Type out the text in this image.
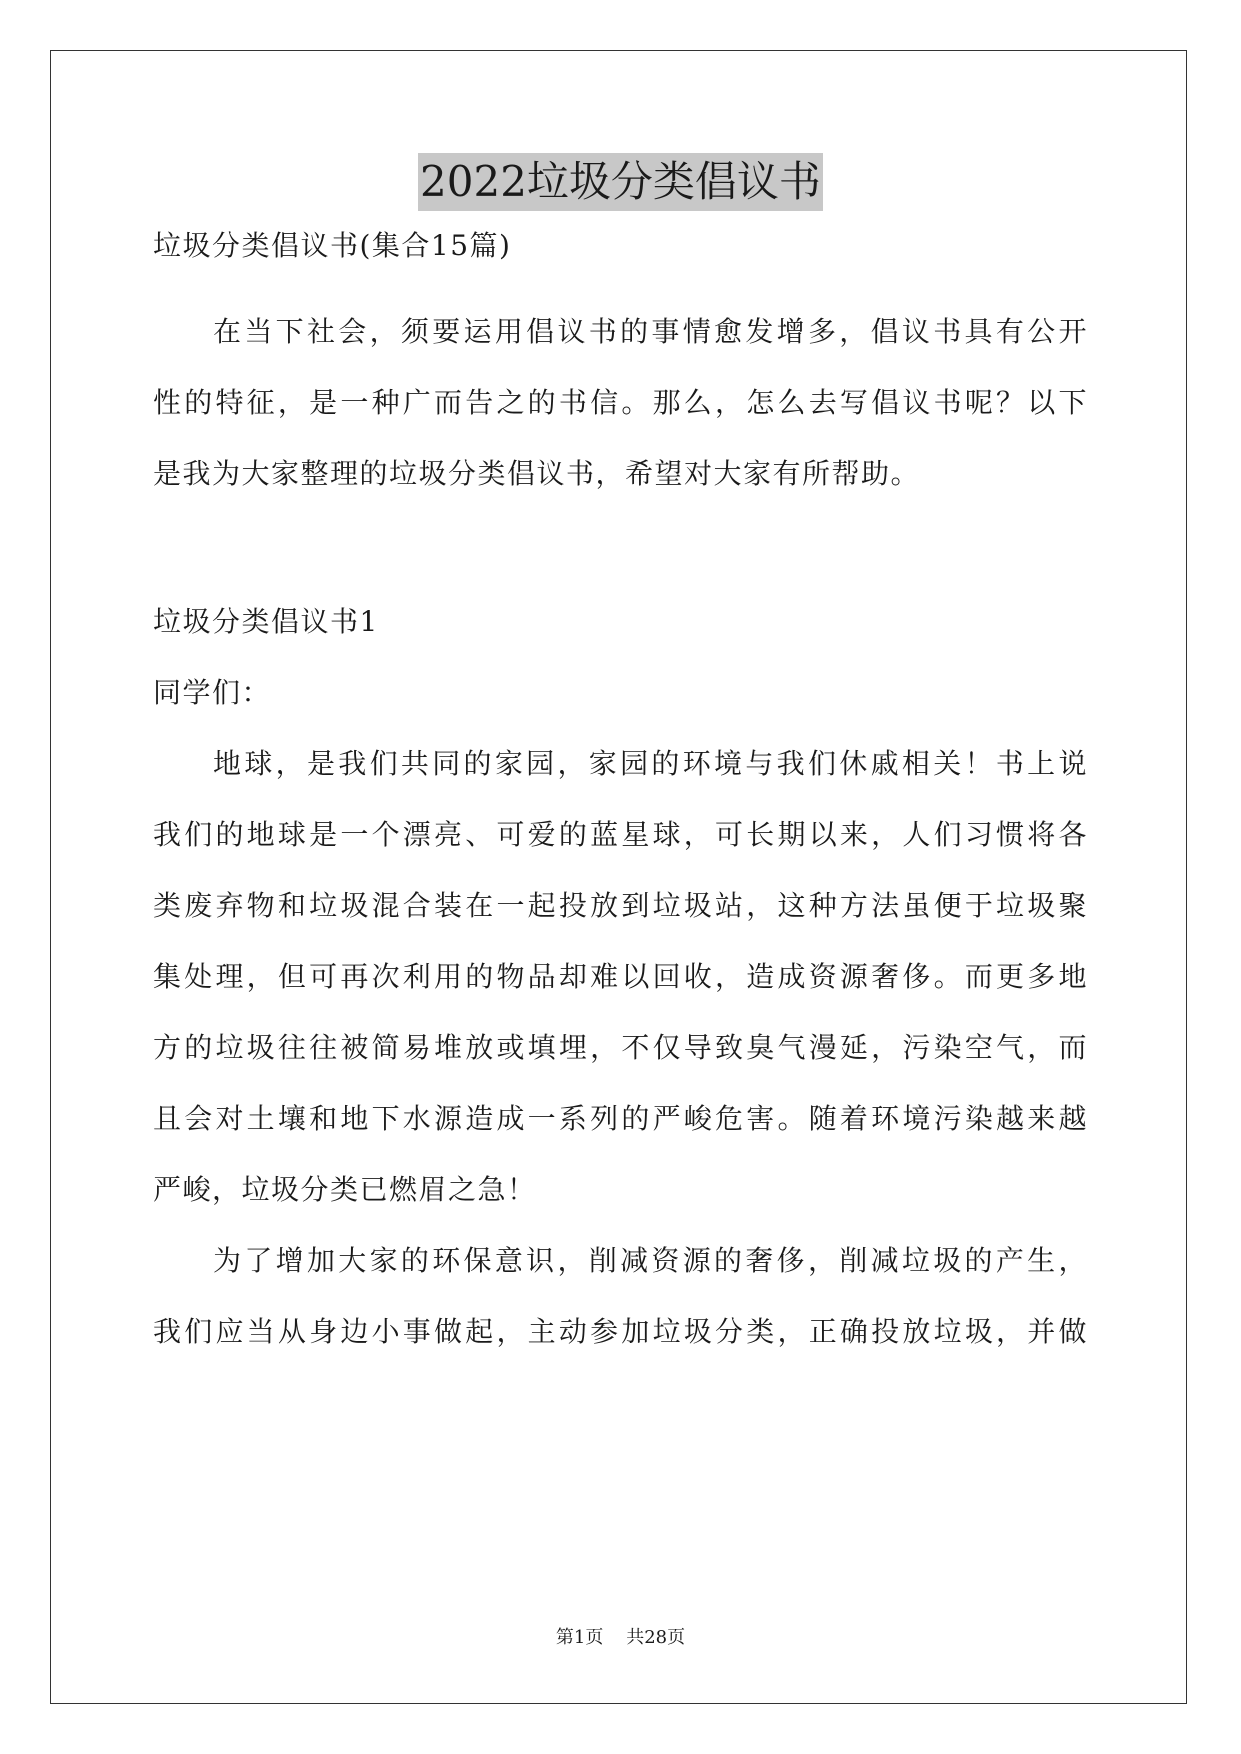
2022垃圾分类倡议书
垃圾分类倡议书(集合15篇)
在当下社会，须要运用倡议书的事情愈发增多，倡议书具有公开
性的特征，是一种广而告之的书信。那么，怎么去写倡议书呢？以下
是我为大家整理的垃圾分类倡议书，希望对大家有所帮助。
垃圾分类倡议书1
同学们：
地球，是我们共同的家园，家园的环境与我们休戚相关！书上说
我们的地球是一个漂亮、可爱的蓝星球，可长期以来，人们习惯将各
类废弃物和垃圾混合装在一起投放到垃圾站，这种方法虽便于垃圾聚
集处理，但可再次利用的物品却难以回收，造成资源奢侈。而更多地
方的垃圾往往被简易堆放或填埋，不仅导致臭气漫延，污染空气，而
且会对土壤和地下水源造成一系列的严峻危害。随着环境污染越来越
严峻，垃圾分类已燃眉之急！
为了增加大家的环保意识，削减资源的奢侈，削减垃圾的产生，
我们应当从身边小事做起，主动参加垃圾分类，正确投放垃圾，并做
第1页 共28页
